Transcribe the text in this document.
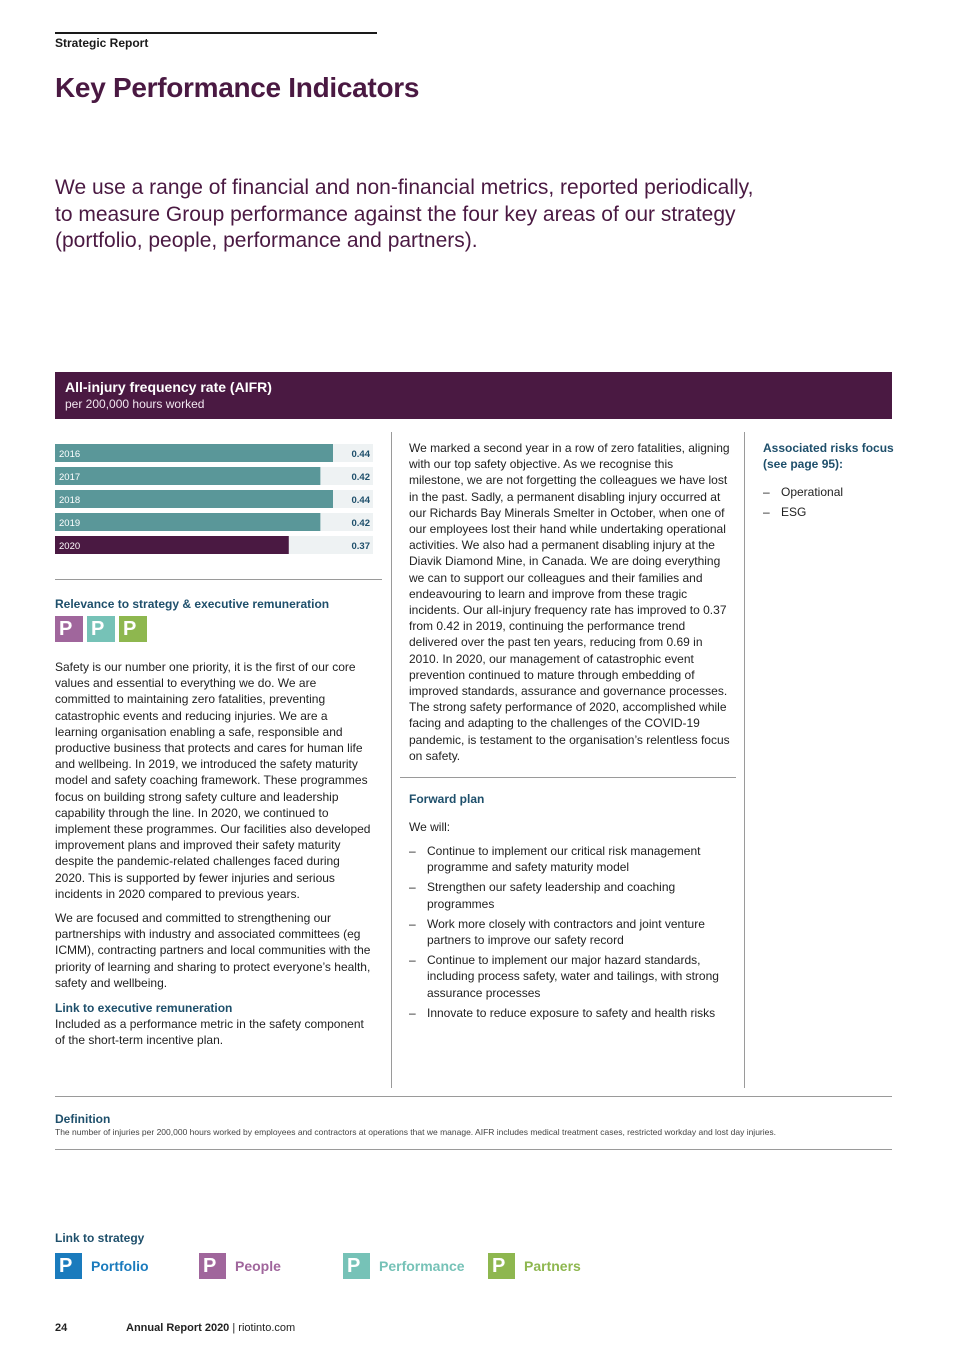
Strategic Report
Key Performance Indicators

We use a range of financial and non-financial metrics, reported periodically, to measure Group performance against the four key areas of our strategy (portfolio, people, performance and partners).

All-injury frequency rate (AIFR)
per 200,000 hours worked
2016	0.44
2017	0.42
2018	0.44
2019	0.42
2020	0.37
Relevance to strategy & executive remuneration
P P P

Safety is our number one priority, it is the first of our core values and essential to everything we do. We are committed to maintaining zero fatalities, preventing catastrophic events and reducing injuries. We are a learning organisation enabling a safe, responsible and productive business that protects and cares for human life and wellbeing. In 2019, we introduced the safety maturity model and safety coaching framework. These programmes focus on building strong safety culture and leadership capability through the line. In 2020, we continued to implement these programmes. Our facilities also developed improvement plans and improved their safety maturity despite the pandemic-related challenges faced during 2020. This is supported by fewer injuries and serious incidents in 2020 compared to previous years.

We are focused and committed to strengthening our partnerships with industry and associated committees (eg ICMM), contracting partners and local communities with the priority of learning and sharing to protect everyone’s health, safety and wellbeing.

Link to executive remuneration

Included as a performance metric in the safety component of the short-term incentive plan.

We marked a second year in a row of zero fatalities, aligning with our top safety objective. As we recognise this milestone, we are not forgetting the colleagues we have lost in the past. Sadly, a permanent disabling injury occurred at our Richards Bay Minerals Smelter in October, when one of our employees lost their hand while undertaking operational activities. We also had a permanent disabling injury at the Diavik Diamond Mine, in Canada. We are doing everything we can to support our colleagues and their families and endeavouring to learn and improve from these tragic incidents. Our all-injury frequency rate has improved to 0.37 from 0.42 in 2019, continuing the performance trend delivered over the past ten years, reducing from 0.69 in 2010. In 2020, our management of catastrophic event prevention continued to mature through embedding of improved standards, assurance and governance processes. The strong safety performance of 2020, accomplished while facing and adapting to the challenges of the COVID-19 pandemic, is testament to the organisation’s relentless focus on safety.

Forward plan

We will:

– Continue to implement our critical risk management programme and safety maturity model
– Strengthen our safety leadership and coaching programmes
– Work more closely with contractors and joint venture partners to improve our safety record
– Continue to implement our major hazard standards, including process safety, water and tailings, with strong assurance processes
– Innovate to reduce exposure to safety and health risks
Associated risks focus (see page 95):
– Operational
– ESG
Definition
The number of injuries per 200,000 hours worked by employees and contractors at operations that we manage. AIFR includes medical treatment cases, restricted workday and lost day injuries.
Link to strategy
P	Portfolio	P	People	P	Performance P	Partners
24	Annual Report 2020 | riotinto.com
